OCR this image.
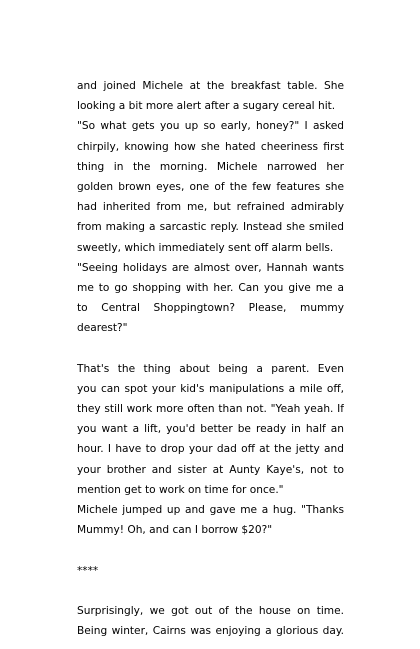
and joined Michele at the breakfast table. She
looking a bit more alert after a sugary cereal hit.
"So what gets you up so early, honey?" I asked
chirpily, knowing how she hated cheeriness first
thing in the morning. Michele narrowed her
golden brown eyes, one of the few features she
had inherited from me, but refrained admirably
from making a sarcastic reply. Instead she smiled
sweetly, which immediately sent off alarm bells.
"Seeing holidays are almost over, Hannah wants
me to go shopping with her. Can you give me a
to Central Shoppingtown? Please, mummy
dearest?"
That's the thing about being a parent. Even
you can spot your kid's manipulations a mile off,
they still work more often than not. "Yeah yeah. If
you want a lift, you'd better be ready in half an
hour. I have to drop your dad off at the jetty and
your brother and sister at Aunty Kaye's, not to
mention get to work on time for once."
Michele jumped up and gave me a hug. "Thanks
Mummy! Oh, and can I borrow $20?"
****
Surprisingly, we got out of the house on time.
Being winter, Cairns was enjoying a glorious day.
